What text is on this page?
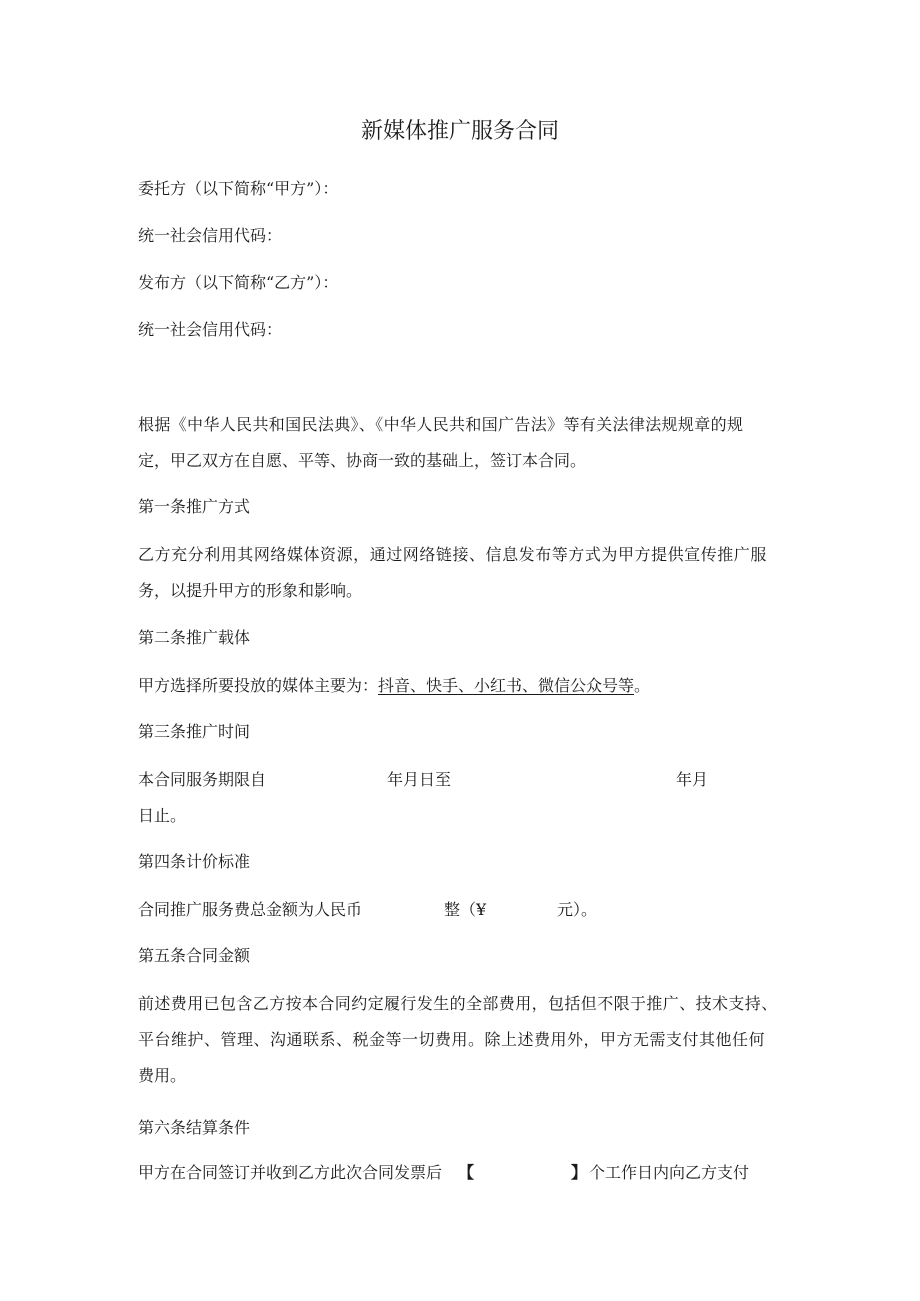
新媒体推广服务合同

委托方（以下简称“甲方”）：

统一社会信用代码：

发布方（以下简称“乙方”）：

统一社会信用代码：

根据《中华人民共和国民法典》、《中华人民共和国广告法》等有关法律法规规章的规

定，甲乙双方在自愿、平等、协商一致的基础上，签订本合同。

第一条推广方式

乙方充分利用其网络媒体资源，通过网络链接、信息发布等方式为甲方提供宣传推广服

务，以提升甲方的形象和影响。

第二条推广载体

甲方选择所要投放的媒体主要为：抖音、快手、小红书、微信公众号等。

第三条推广时间

本合同服务期限自	年月日至	年月

日止。

第四条计价标准

合同推广服务费总金额为人民币	整（¥	元）。

第五条合同金额

前述费用已包含乙方按本合同约定履行发生的全部费用，包括但不限于推广、技术支持、

平台维护、管理、沟通联系、税金等一切费用。除上述费用外，甲方无需支付其他任何

费用。

第六条结算条件

甲方在合同签订并收到乙方此次合同发票后 【	】 个工作日内向乙方支付
